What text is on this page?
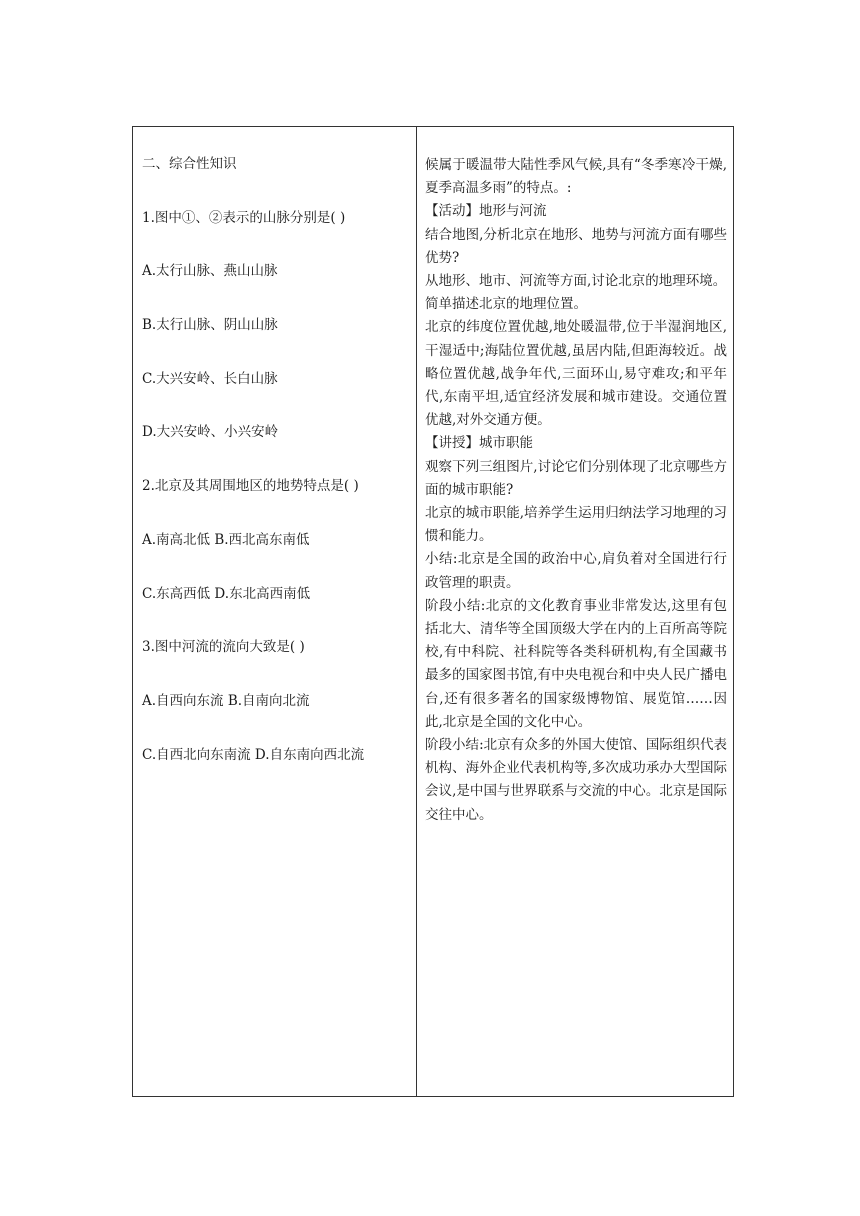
二、综合性知识
1.图中①、②表示的山脉分别是( )
A.太行山脉、燕山山脉
B.太行山脉、阴山山脉
C.大兴安岭、长白山脉
D.大兴安岭、小兴安岭
2.北京及其周围地区的地势特点是( )
A.南高北低 B.西北高东南低
C.东高西低 D.东北高西南低
3.图中河流的流向大致是( )
A.自西向东流 B.自南向北流
C.自西北向东南流 D.自东南向西北流

候属于暖温带大陆性季风气候,具有“冬季寒冷干燥,夏季高温多雨”的特点。:

【活动】地形与河流

结合地图,分析北京在地形、地势与河流方面有哪些优势?

从地形、地市、河流等方面,讨论北京的地理环境。

简单描述北京的地理位置。

北京的纬度位置优越,地处暖温带,位于半湿润地区,干湿适中;海陆位置优越,虽居内陆,但距海较近。战略位置优越,战争年代,三面环山,易守难攻;和平年代,东南平坦,适宜经济发展和城市建设。交通位置优越,对外交通方便。

【讲授】城市职能

观察下列三组图片,讨论它们分别体现了北京哪些方面的城市职能?

北京的城市职能,培养学生运用归纳法学习地理的习惯和能力。

小结:北京是全国的政治中心,肩负着对全国进行行政管理的职责。

阶段小结:北京的文化教育事业非常发达,这里有包括北大、清华等全国顶级大学在内的上百所高等院校,有中科院、社科院等各类科研机构,有全国藏书最多的国家图书馆,有中央电视台和中央人民广播电台,还有很多著名的国家级博物馆、展览馆……因此,北京是全国的文化中心。

阶段小结:北京有众多的外国大使馆、国际组织代表机构、海外企业代表机构等,多次成功承办大型国际会议,是中国与世界联系与交流的中心。北京是国际交往中心。
